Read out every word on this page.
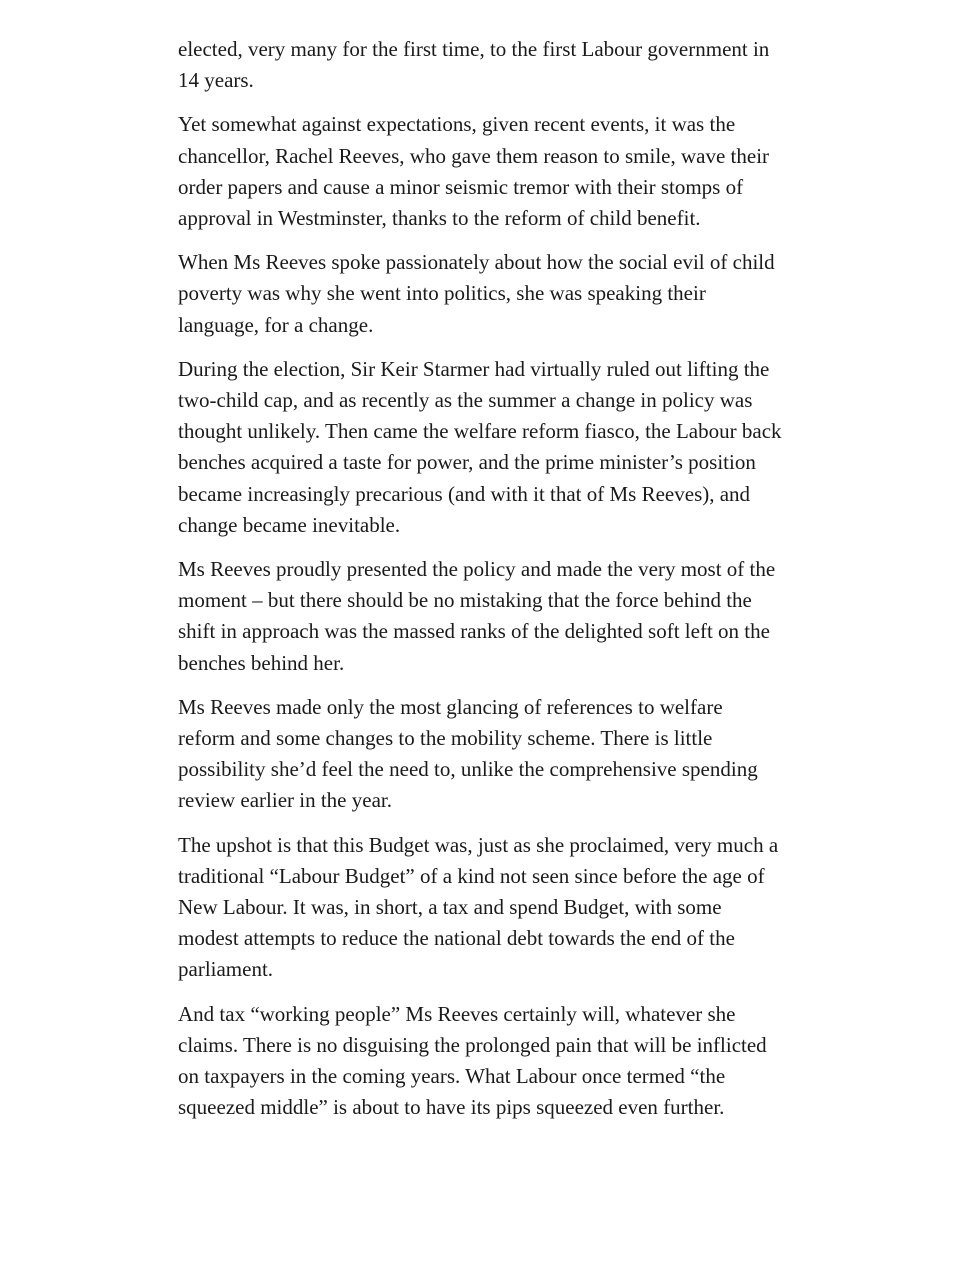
elected, very many for the first time, to the first Labour government in 14 years.

Yet somewhat against expectations, given recent events, it was the chancellor, Rachel Reeves, who gave them reason to smile, wave their order papers and cause a minor seismic tremor with their stomps of approval in Westminster, thanks to the reform of child benefit.

When Ms Reeves spoke passionately about how the social evil of child poverty was why she went into politics, she was speaking their language, for a change.

During the election, Sir Keir Starmer had virtually ruled out lifting the two-child cap, and as recently as the summer a change in policy was thought unlikely. Then came the welfare reform fiasco, the Labour back benches acquired a taste for power, and the prime minister’s position became increasingly precarious (and with it that of Ms Reeves), and change became inevitable.

Ms Reeves proudly presented the policy and made the very most of the moment – but there should be no mistaking that the force behind the shift in approach was the massed ranks of the delighted soft left on the benches behind her.

Ms Reeves made only the most glancing of references to welfare reform and some changes to the mobility scheme. There is little possibility she’d feel the need to, unlike the comprehensive spending review earlier in the year.

The upshot is that this Budget was, just as she proclaimed, very much a traditional “Labour Budget” of a kind not seen since before the age of New Labour. It was, in short, a tax and spend Budget, with some modest attempts to reduce the national debt towards the end of the parliament.

And tax “working people” Ms Reeves certainly will, whatever she claims. There is no disguising the prolonged pain that will be inflicted on taxpayers in the coming years. What Labour once termed “the squeezed middle” is about to have its pips squeezed even further.
